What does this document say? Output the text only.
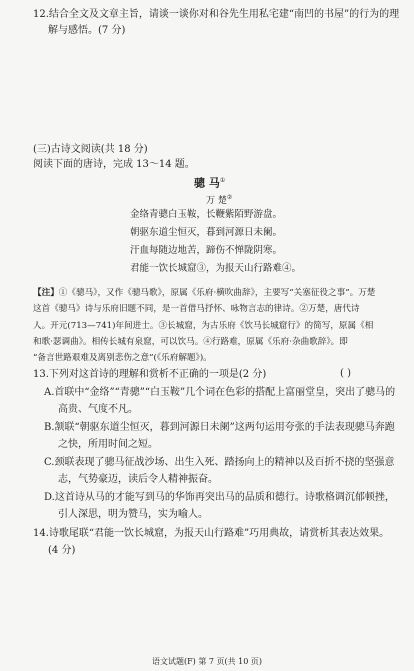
12.结合全文及文章主旨，请谈一谈你对和谷先生用私宅建“南凹的书屋”的行为的理
解与感悟。(7 分)
(三)古诗文阅读(共 18 分)
阅读下面的唐诗，完成 13～14 题。
骢 马①
万 楚②
金络青骢白玉鞍，长鞭紫陌野游盘。
朝驱东道尘恒灭，暮到河源日未阑。
汗血每随边地苦，蹄伤不惮陇阴寒。
君能一饮长城窟③，为报天山行路难④。
【注】①《骢马》，又作《骢马歌》，原属《乐府·横吹曲辞》，主要写“关塞征役之事”。万楚
这首《骢马》诗与乐府旧题不同，是一首借马抒怀、咏物言志的律诗。②万楚，唐代诗
人。开元(713—741)年间进士。③长城窟，为古乐府《饮马长城窟行》的简写，原属《相
和歌·瑟调曲》。相传长城有泉窟，可以饮马。④行路难，原属《乐府·杂曲歌辞》。即
“备言世路艰难及离别悲伤之意”(《乐府解题》)。
13.下列对这首诗的理解和赏析不正确的一项是(2 分)	( )
A.首联中“金络”“青骢”“白玉鞍”几个词在色彩的搭配上富丽堂皇，突出了骢马的
高贵、气度不凡。
B.颔联“朝驱东道尘恒灭，暮到河源日未阑”这两句运用夸张的手法表现骢马奔跑
之快，所用时间之短。
C.颈联表现了骢马征战沙场、出生入死、踏扬向上的精神以及百折不挠的坚强意
志，气势豪迈，读后令人精神振奋。
D.这首诗从马的才能写到马的华饰再突出马的品质和德行。诗歌格调沉郁顿挫，
引人深思，明为赞马，实为喻人。
14.诗歌尾联“君能一饮长城窟，为报天山行路难”巧用典故，请赏析其表达效果。
(4 分)
语文试题(F) 第 7 页(共 10 页)
